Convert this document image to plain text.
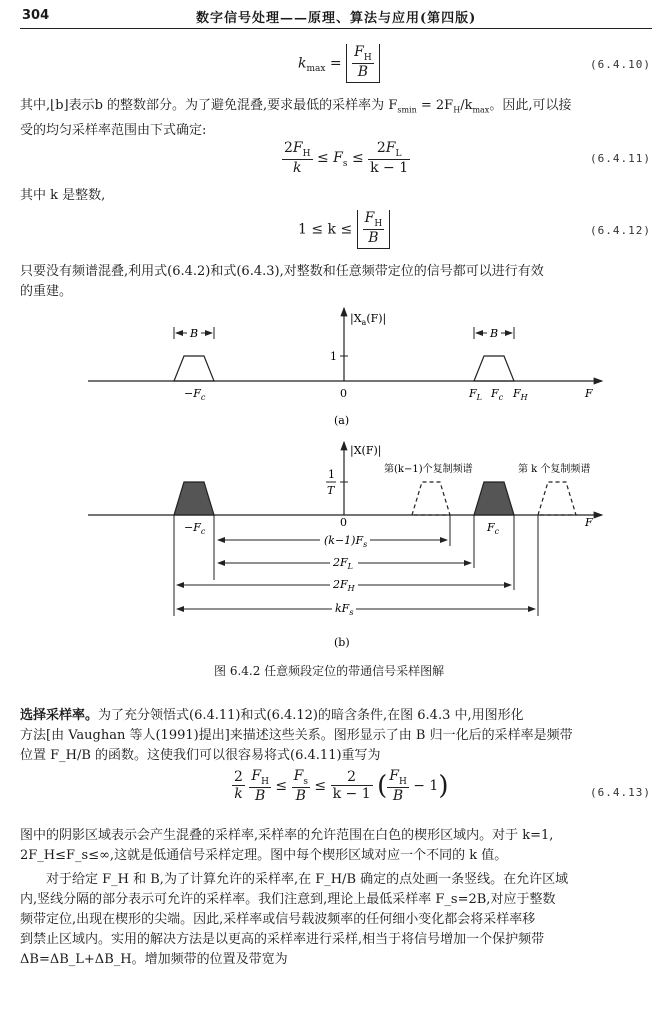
304	数字信号处理——原理、算法与应用(第四版)
$k_{max} = \frac{F_H}{B}$	(6.4.10)
其中,⌊b⌋表示b 的整数部分。为了避免混叠,要求最低的采样率为 $F_{smin} = 2F_H/k_{max}$。因此,可以接
受的均匀采样率范围由下式确定:
$\frac{2F_H}{k} \le F_s \le \frac{2F_L}{k - 1}$	(6.4.11)
其中 k 是整数,
$1 \le k \le \frac{F_H}{B}$	(6.4.12)
只要没有频谱混叠,利用式(6.4.2)和式(6.4.3),对整数和任意频带定位的信号都可以进行有效
的重建。
$|X_a(F)|$
1
B	B
$-F_c$	0	$F_L$ $F_c$ $F_H$	F
(a)
|X(F)|
1
T
第(k−1)个复制频谱	第 k 个复制频谱
$-F_c$
0	$F_c$
F
$(k-1)F_s$
$2F_L$
$2F_H$
$kF_s$
(b)
图 6.4.2 任意频段定位的带通信号采样图解
选择采样率。为了充分领悟式(6.4.11)和式(6.4.12)的暗含条件,在图 6.4.3 中,用图形化
方法[由 Vaughan 等人(1991)提出]来描述这些关系。图形显示了由 B 归一化后的采样率是频带
位置 F_H/B 的函数。这使我们可以很容易将式(6.4.11)重写为
$\frac{2}{k}$
$\frac{F_H}{B} \le \frac{F_s}{B} \le \frac{2}{k - 1}$ ( $\frac{F_H}{B} - 1$)	(6.4.13)
图中的阴影区域表示会产生混叠的采样率,采样率的允许范围在白色的楔形区域内。对于 k=1,
2F_H≤F_s≤∞,这就是低通信号采样定理。图中每个楔形区域对应一个不同的 k 值。
对于给定 F_H 和 B,为了计算允许的采样率,在 F_H/B 确定的点处画一条竖线。在允许区域
内,竖线分隔的部分表示可允许的采样率。我们注意到,理论上最低采样率 F_s=2B,对应于整数
频带定位,出现在楔形的尖端。因此,采样率或信号载波频率的任何细小变化都会将采样率移
到禁止区域内。实用的解决方法是以更高的采样率进行采样,相当于将信号增加一个保护频带
ΔB=ΔB_L+ΔB_H。增加频带的位置及带宽为
